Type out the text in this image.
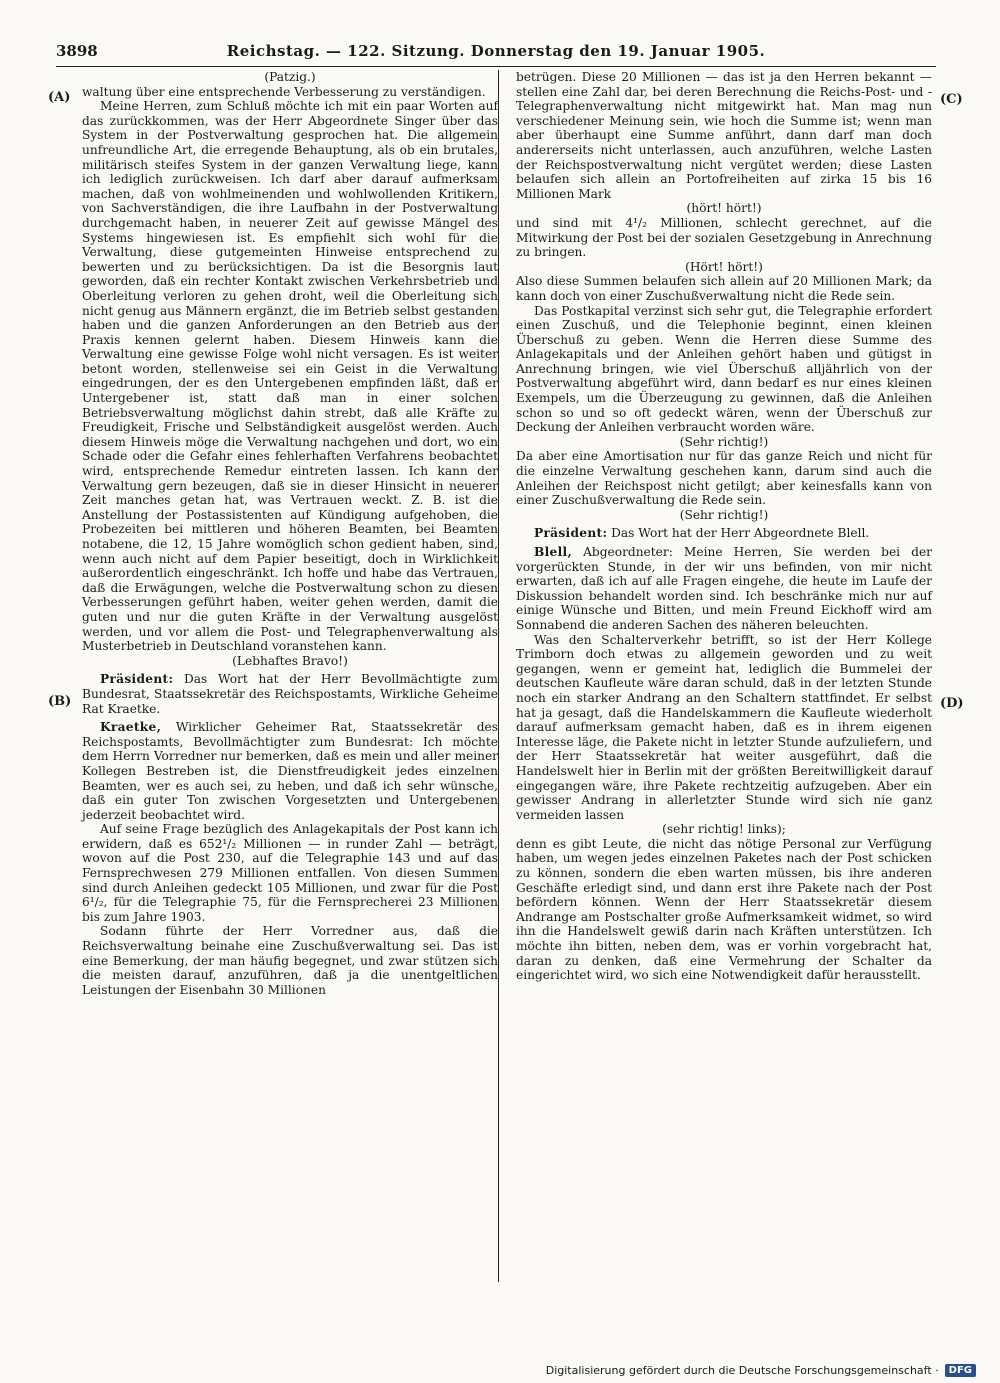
3898	Reichstag. — 122. Sitzung. Donnerstag den 19. Januar 1905.
(A)
(B)
(C)
(D)

(Patzig.)

waltung über eine entsprechende Verbesserung zu verständigen.

Meine Herren, zum Schluß möchte ich mit ein paar Worten auf das zurückkommen, was der Herr Abgeordnete Singer über das System in der Postverwaltung gesprochen hat. Die allgemein unfreundliche Art, die erregende Behauptung, als ob ein brutales, militärisch steifes System in der ganzen Verwaltung liege, kann ich lediglich zurückweisen. Ich darf aber darauf aufmerksam machen, daß von wohlmeinenden und wohlwollenden Kritikern, von Sachverständigen, die ihre Laufbahn in der Postverwaltung durchgemacht haben, in neuerer Zeit auf gewisse Mängel des Systems hingewiesen ist. Es empfiehlt sich wohl für die Verwaltung, diese gutgemeinten Hinweise entsprechend zu bewerten und zu berücksichtigen. Da ist die Besorgnis laut geworden, daß ein rechter Kontakt zwischen Verkehrsbetrieb und Oberleitung verloren zu gehen droht, weil die Oberleitung sich nicht genug aus Männern ergänzt, die im Betrieb selbst gestanden haben und die ganzen Anforderungen an den Betrieb aus der Praxis kennen gelernt haben. Diesem Hinweis kann die Verwaltung eine gewisse Folge wohl nicht versagen. Es ist weiter betont worden, stellenweise sei ein Geist in die Verwaltung eingedrungen, der es den Untergebenen empfinden läßt, daß er Untergebener ist, statt daß man in einer solchen Betriebsverwaltung möglichst dahin strebt, daß alle Kräfte zu Freudigkeit, Frische und Selbständigkeit ausgelöst werden. Auch diesem Hinweis möge die Verwaltung nachgehen und dort, wo ein Schade oder die Gefahr eines fehlerhaften Verfahrens beobachtet wird, entsprechende Remedur eintreten lassen. Ich kann der Verwaltung gern bezeugen, daß sie in dieser Hinsicht in neuerer Zeit manches getan hat, was Vertrauen weckt. Z. B. ist die Anstellung der Postassistenten auf Kündigung aufgehoben, die Probezeiten bei mittleren und höheren Beamten, bei Beamten notabene, die 12, 15 Jahre womöglich schon gedient haben, sind, wenn auch nicht auf dem Papier beseitigt, doch in Wirklichkeit außerordentlich eingeschränkt. Ich hoffe und habe das Vertrauen, daß die Erwägungen, welche die Postverwaltung schon zu diesen Verbesserungen geführt haben, weiter gehen werden, damit die guten und nur die guten Kräfte in der Verwaltung ausgelöst werden, und vor allem die Post- und Telegraphenverwaltung als Musterbetrieb in Deutschland voranstehen kann.

(Lebhaftes Bravo!)

Präsident: Das Wort hat der Herr Bevollmächtigte zum Bundesrat, Staatssekretär des Reichspostamts, Wirkliche Geheime Rat Kraetke.

Kraetke, Wirklicher Geheimer Rat, Staatssekretär des Reichspostamts, Bevollmächtigter zum Bundesrat: Ich möchte dem Herrn Vorredner nur bemerken, daß es mein und aller meiner Kollegen Bestreben ist, die Dienstfreudigkeit jedes einzelnen Beamten, wer es auch sei, zu heben, und daß ich sehr wünsche, daß ein guter Ton zwischen Vorgesetzten und Untergebenen jederzeit beobachtet wird.

Auf seine Frage bezüglich des Anlagekapitals der Post kann ich erwidern, daß es 652¹/₂ Millionen — in runder Zahl — beträgt, wovon auf die Post 230, auf die Telegraphie 143 und auf das Fernsprechwesen 279 Millionen entfallen. Von diesen Summen sind durch Anleihen gedeckt 105 Millionen, und zwar für die Post 6¹/₂, für die Telegraphie 75, für die Fernsprecherei 23 Millionen bis zum Jahre 1903.

Sodann führte der Herr Vorredner aus, daß die Reichsverwaltung beinahe eine Zuschußverwaltung sei. Das ist eine Bemerkung, der man häufig begegnet, und zwar stützen sich die meisten darauf, anzuführen, daß ja die unentgeltlichen Leistungen der Eisenbahn 30 Millionen

betrügen. Diese 20 Millionen — das ist ja den Herren bekannt — stellen eine Zahl dar, bei deren Berechnung die Reichs-Post- und -Telegraphenverwaltung nicht mitgewirkt hat. Man mag nun verschiedener Meinung sein, wie hoch die Summe ist; wenn man aber überhaupt eine Summe anführt, dann darf man doch andererseits nicht unterlassen, auch anzuführen, welche Lasten der Reichspostverwaltung nicht vergütet werden; diese Lasten belaufen sich allein an Portofreiheiten auf zirka 15 bis 16 Millionen Mark

(hört! hört!)

und sind mit 4¹/₂ Millionen, schlecht gerechnet, auf die Mitwirkung der Post bei der sozialen Gesetzgebung in Anrechnung zu bringen.

(Hört! hört!)

Also diese Summen belaufen sich allein auf 20 Millionen Mark; da kann doch von einer Zuschußverwaltung nicht die Rede sein.

Das Postkapital verzinst sich sehr gut, die Telegraphie erfordert einen Zuschuß, und die Telephonie beginnt, einen kleinen Überschuß zu geben. Wenn die Herren diese Summe des Anlagekapitals und der Anleihen gehört haben und gütigst in Anrechnung bringen, wie viel Überschuß alljährlich von der Postverwaltung abgeführt wird, dann bedarf es nur eines kleinen Exempels, um die Überzeugung zu gewinnen, daß die Anleihen schon so und so oft gedeckt wären, wenn der Überschuß zur Deckung der Anleihen verbraucht worden wäre.

(Sehr richtig!)

Da aber eine Amortisation nur für das ganze Reich und nicht für die einzelne Verwaltung geschehen kann, darum sind auch die Anleihen der Reichspost nicht getilgt; aber keinesfalls kann von einer Zuschußverwaltung die Rede sein.

(Sehr richtig!)

Präsident: Das Wort hat der Herr Abgeordnete Blell.

Blell, Abgeordneter: Meine Herren, Sie werden bei der vorgerückten Stunde, in der wir uns befinden, von mir nicht erwarten, daß ich auf alle Fragen eingehe, die heute im Laufe der Diskussion behandelt worden sind. Ich beschränke mich nur auf einige Wünsche und Bitten, und mein Freund Eickhoff wird am Sonnabend die anderen Sachen des näheren beleuchten.

Was den Schalterverkehr betrifft, so ist der Herr Kollege Trimborn doch etwas zu allgemein geworden und zu weit gegangen, wenn er gemeint hat, lediglich die Bummelei der deutschen Kaufleute wäre daran schuld, daß in der letzten Stunde noch ein starker Andrang an den Schaltern stattfindet. Er selbst hat ja gesagt, daß die Handelskammern die Kaufleute wiederholt darauf aufmerksam gemacht haben, daß es in ihrem eigenen Interesse läge, die Pakete nicht in letzter Stunde aufzuliefern, und der Herr Staatssekretär hat weiter ausgeführt, daß die Handelswelt hier in Berlin mit der größten Bereitwilligkeit darauf eingegangen wäre, ihre Pakete rechtzeitig aufzugeben. Aber ein gewisser Andrang in allerletzter Stunde wird sich nie ganz vermeiden lassen

(sehr richtig! links);

denn es gibt Leute, die nicht das nötige Personal zur Verfügung haben, um wegen jedes einzelnen Paketes nach der Post schicken zu können, sondern die eben warten müssen, bis ihre anderen Geschäfte erledigt sind, und dann erst ihre Pakete nach der Post befördern können. Wenn der Herr Staatssekretär diesem Andrange am Postschalter große Aufmerksamkeit widmet, so wird ihn die Handelswelt gewiß darin nach Kräften unterstützen. Ich möchte ihn bitten, neben dem, was er vorhin vorgebracht hat, daran zu denken, daß eine Vermehrung der Schalter da eingerichtet wird, wo sich eine Notwendigkeit dafür herausstellt.

Digitalisierung gefördert durch die Deutsche Forschungsgemeinschaft ·	DFG
